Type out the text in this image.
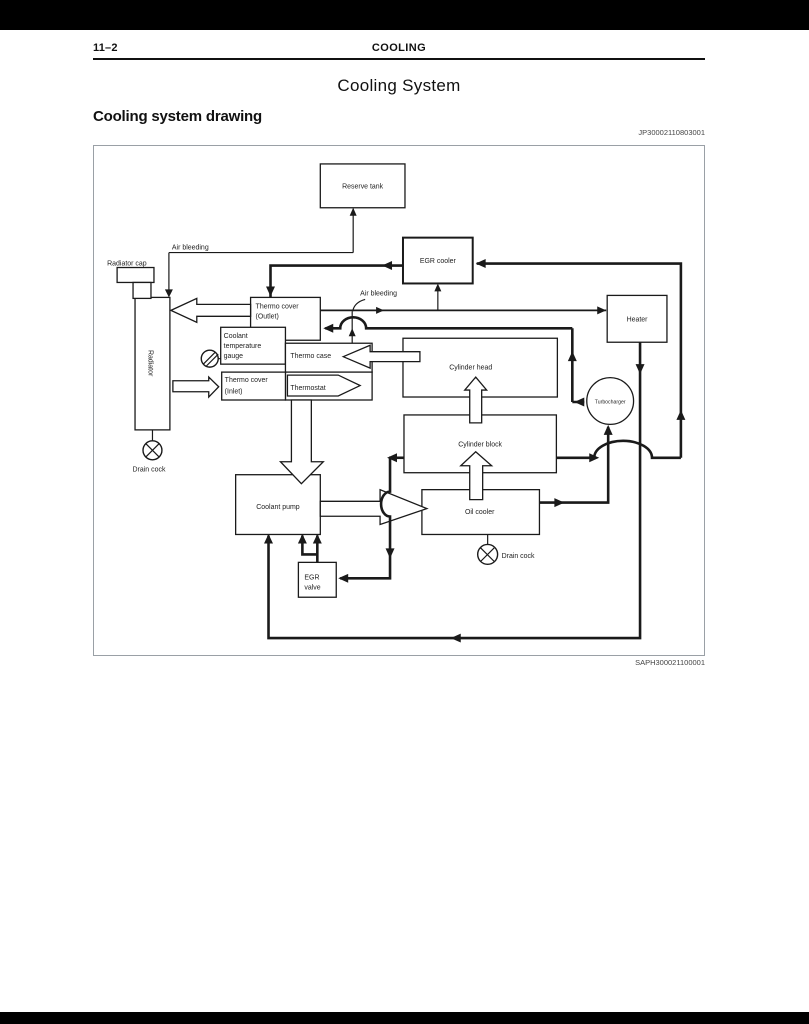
11–2	COOLING
Cooling System
Cooling system drawing
JP30002110803001
SAPH300021100001
Reserve tank
EGR cooler
Heater
Cylinder head
Cylinder block
Oil cooler
Coolant pump
Turbocharger
Radiator	Thermo case
Thermostat
Thermo cover
(Outlet)
Thermo cover
(Inlet)
EGR
valve
Air bleeding
Air bleeding
Radiator cap
Drain cock
Drain cock
Coolant
temperature
gauge
